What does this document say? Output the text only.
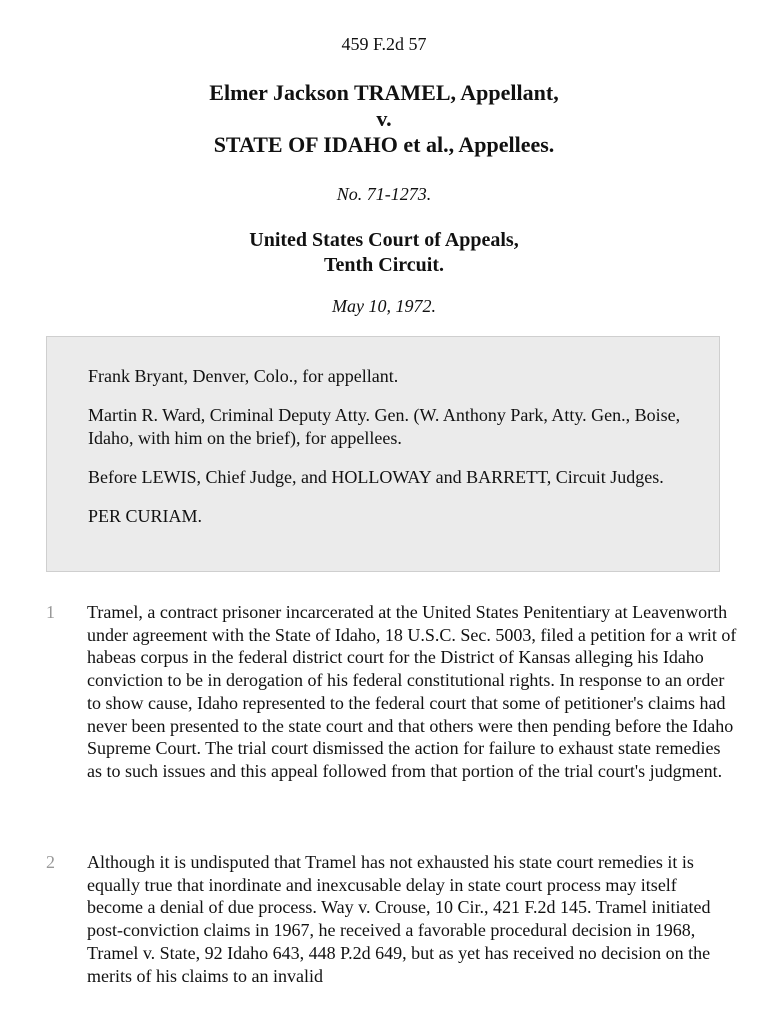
459 F.2d 57
Elmer Jackson TRAMEL, Appellant,
v.
STATE OF IDAHO et al., Appellees.
No. 71-1273.
United States Court of Appeals,
Tenth Circuit.
May 10, 1972.

Frank Bryant, Denver, Colo., for appellant.

Martin R. Ward, Criminal Deputy Atty. Gen. (W. Anthony Park, Atty. Gen., Boise, Idaho, with him on the brief), for appellees.

Before LEWIS, Chief Judge, and HOLLOWAY and BARRETT, Circuit Judges.

PER CURIAM.

1 Tramel, a contract prisoner incarcerated at the United States Penitentiary at Leavenworth under agreement with the State of Idaho, 18 U.S.C. Sec. 5003, filed a petition for a writ of habeas corpus in the federal district court for the District of Kansas alleging his Idaho conviction to be in derogation of his federal constitutional rights. In response to an order to show cause, Idaho represented to the federal court that some of petitioner's claims had never been presented to the state court and that others were then pending before the Idaho Supreme Court. The trial court dismissed the action for failure to exhaust state remedies as to such issues and this appeal followed from that portion of the trial court's judgment.

2 Although it is undisputed that Tramel has not exhausted his state court remedies it is equally true that inordinate and inexcusable delay in state court process may itself become a denial of due process. Way v. Crouse, 10 Cir., 421 F.2d 145. Tramel initiated post-conviction claims in 1967, he received a favorable procedural decision in 1968, Tramel v. State, 92 Idaho 643, 448 P.2d 649, but as yet has received no decision on the merits of his claims to an invalid
